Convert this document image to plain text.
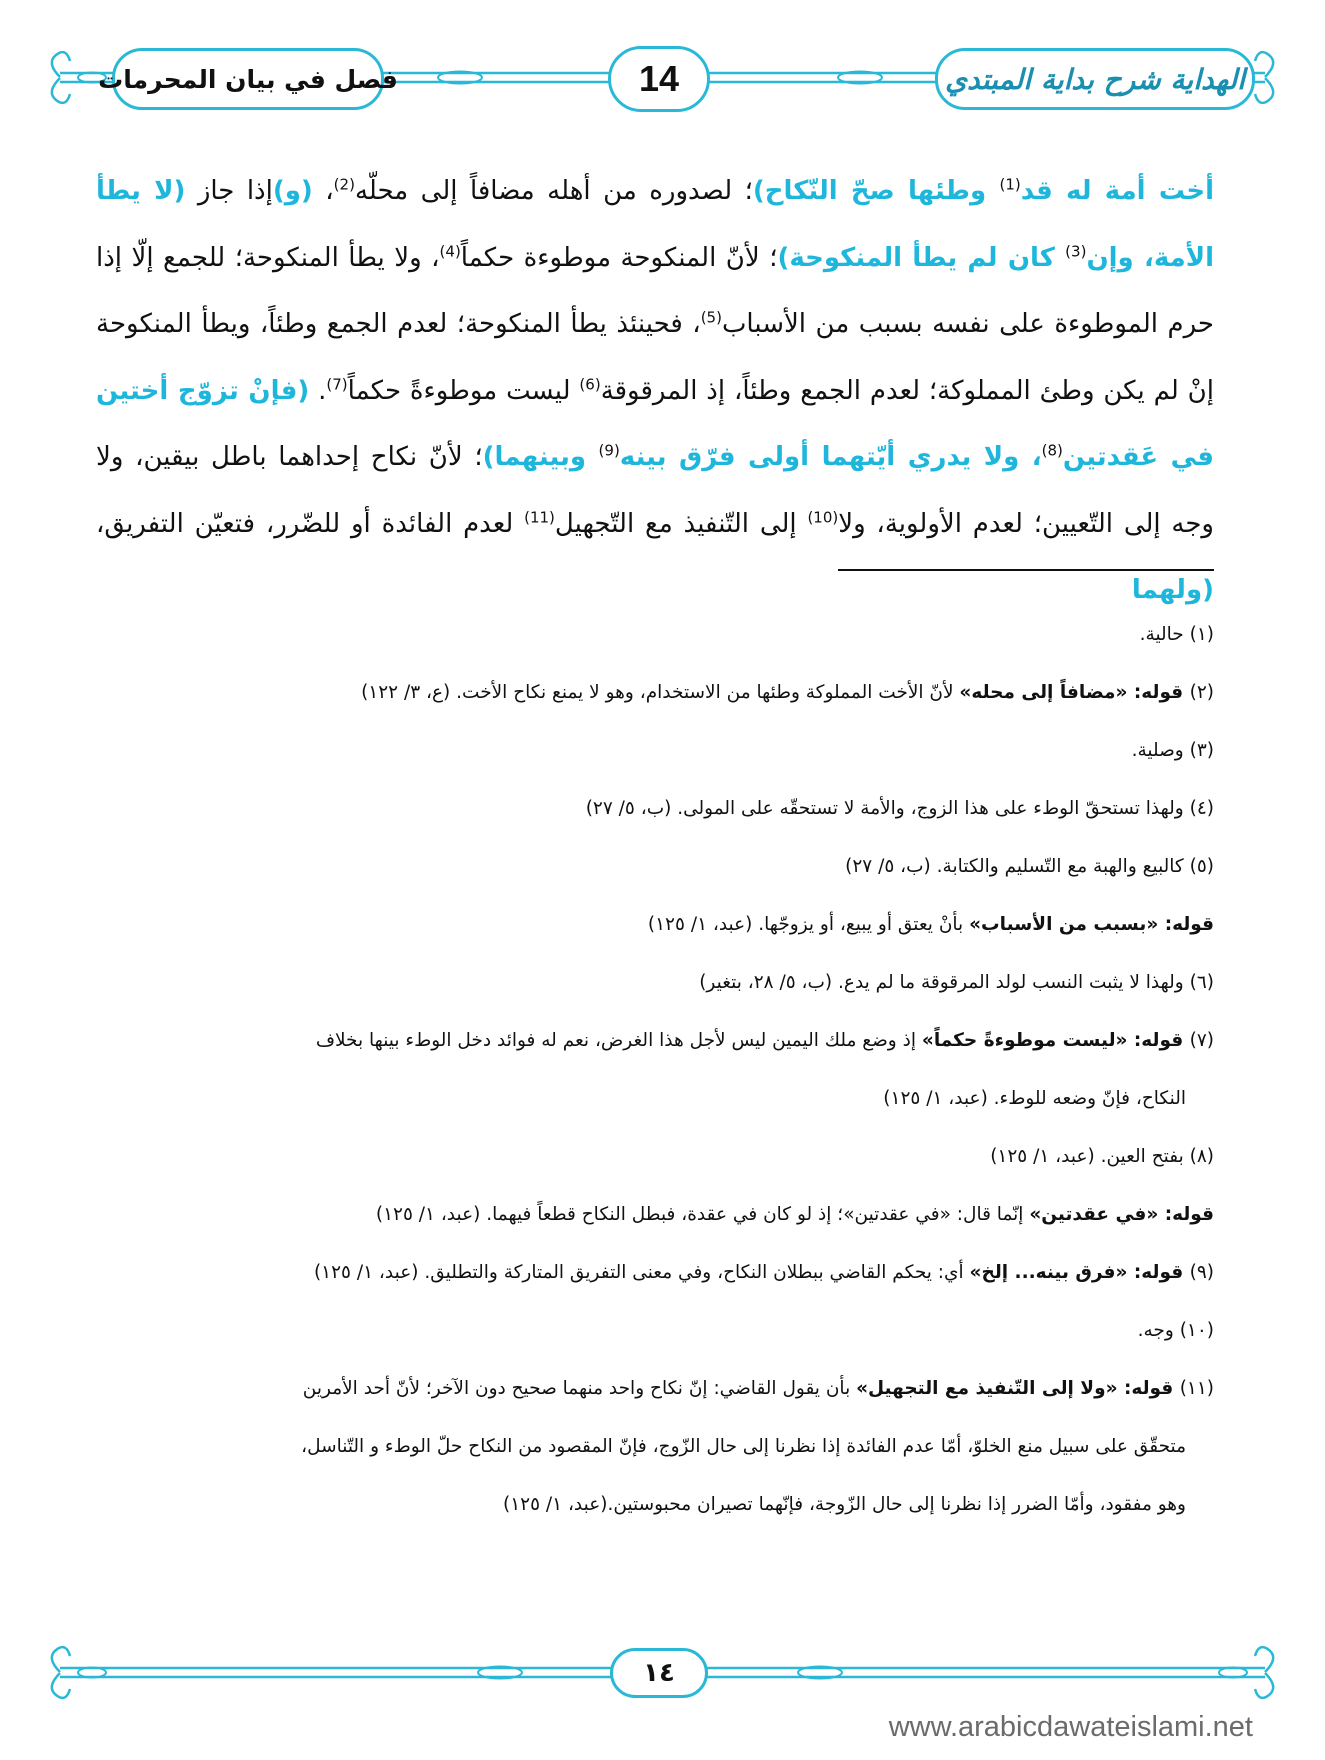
الهداية شرح بداية المبتدي
14
فصل في بيان المحرمات
أخت أمة له قد$^{(1)}$ وطئها صحّ النّكاح)؛ لصدوره من أهله مضافاً إلى محلّه$^{(2)}$، (و)إذا جاز (لا يطأ الأمة، وإن$^{(3)}$ كان لم يطأ المنكوحة)؛ لأنّ المنكوحة موطوءة حكماً$^{(4)}$، ولا يطأ المنكوحة؛ للجمع إلّا إذا حرم الموطوءة على نفسه بسبب من الأسباب$^{(5)}$، فحينئذ يطأ المنكوحة؛ لعدم الجمع وطئاً، ويطأ المنكوحة إنْ لم يكن وطئ المملوكة؛ لعدم الجمع وطئاً، إذ المرقوقة$^{(6)}$ ليست موطوءةً حكماً$^{(7)}$. (فإنْ تزوّج أختين في عَقدتين$^{(8)}$، ولا يدري أيّتهما أولى فرّق بينه$^{(9)}$ وبينهما)؛ لأنّ نكاح إحداهما باطل بيقين، ولا وجه إلى التّعيين؛ لعدم الأولوية، ولا$^{(10)}$ إلى التّنفيذ مع التّجهيل$^{(11)}$ لعدم الفائدة أو للضّرر، فتعيّن التفريق، (ولهما
(١) حالية.
(٢) قوله: «مضافاً إلى محله» لأنّ الأخت المملوكة وطئها من الاستخدام، وهو لا يمنع نكاح الأخت. (ع، ٣/ ١٢٢)
(٣) وصلية.
(٤) ولهذا تستحقّ الوطء على هذا الزوج، والأمة لا تستحقّه على المولى. (ب، ٥/ ٢٧)
(٥) كالبيع والهبة مع التّسليم والكتابة. (ب، ٥/ ٢٧)
قوله: «بسبب من الأسباب» بأنْ يعتق أو يبيع، أو يزوجّها. (عبد، ١/ ١٢٥)
(٦) ولهذا لا يثبت النسب لولد المرقوقة ما لم يدع. (ب، ٥/ ٢٨، بتغير)
(٧) قوله: «ليست موطوءةً حكماً» إذ وضع ملك اليمين ليس لأجل هذا الغرض، نعم له فوائد دخل الوطء بينها بخلاف
النكاح، فإنّ وضعه للوطء. (عبد، ١/ ١٢٥)
(٨) بفتح العين. (عبد، ١/ ١٢٥)
قوله: «في عقدتين» إنّما قال: «في عقدتين»؛ إذ لو كان في عقدة، فبطل النكاح قطعاً فيهما. (عبد، ١/ ١٢٥)
(٩) قوله: «فرق بينه... إلخ» أي: يحكم القاضي ببطلان النكاح، وفي معنى التفريق المتاركة والتطليق. (عبد، ١/ ١٢٥)
(١٠) وجه.
(١١) قوله: «ولا إلى التّنفيذ مع التجهيل» بأن يقول القاضي: إنّ نكاح واحد منهما صحيح دون الآخر؛ لأنّ أحد الأمرين
متحقّق على سبيل منع الخلوّ، أمّا عدم الفائدة إذا نظرنا إلى حال الزّوج، فإنّ المقصود من النكاح حلّ الوطء و التّناسل،
وهو مفقود، وأمّا الضرر إذا نظرنا إلى حال الزّوجة، فإنّهما تصيران محبوستين.(عبد، ١/ ١٢٥)
١٤
www.arabicdawateislami.net
